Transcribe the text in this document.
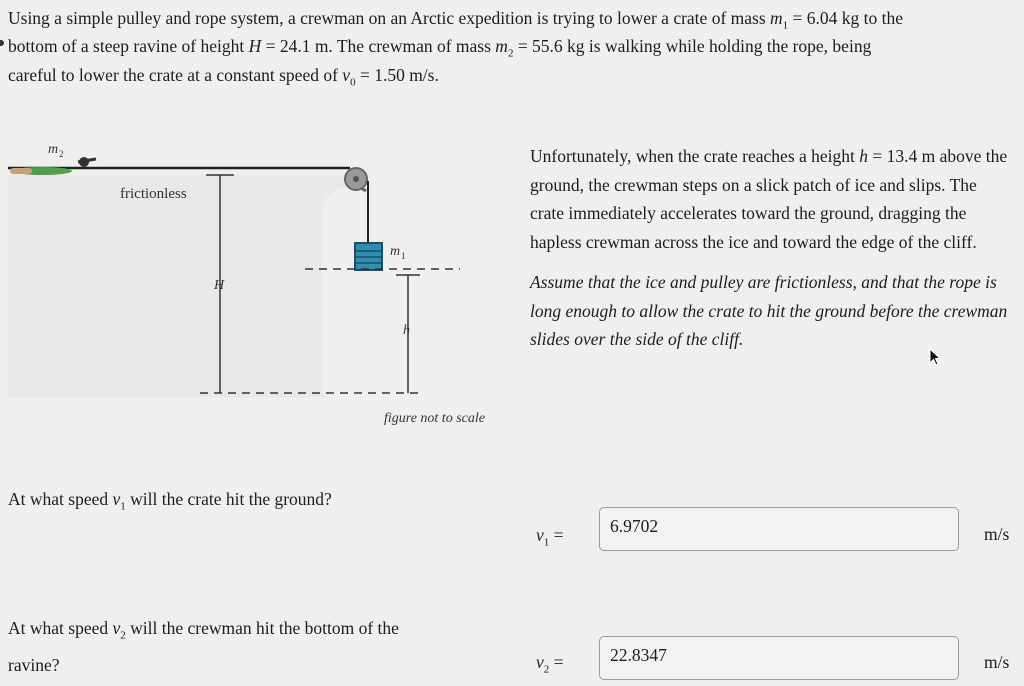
Using a simple pulley and rope system, a crewman on an Arctic expedition is trying to lower a crate of mass $m_1 = 6.04$ kg to the
bottom of a steep ravine of height H = 24.1 m. The crewman of mass $m_2 = 55.6$ kg is walking while holding the rope, being
careful to lower the crate at a constant speed of $v_0 = 1.50$ m/s.
m 2
frictionless
H
m 1
h
figure not to scale

Unfortunately, when the crate reaches a height h = 13.4 m above the ground, the crewman steps on a slick patch of ice and slips. The crate immediately accelerates toward the ground, dragging the hapless crewman across the ice and toward the edge of the cliff.

Assume that the ice and pulley are frictionless, and that the rope is long enough to allow the crate to hit the ground before the crewman slides over the side of the cliff.

At what speed $v_1$ will the crate hit the ground?
$v_1$ =	6.9702	m/s
At what speed $v_2$ will the crewman hit the bottom of the ravine?	$v_2$ =	22.8347	m/s
